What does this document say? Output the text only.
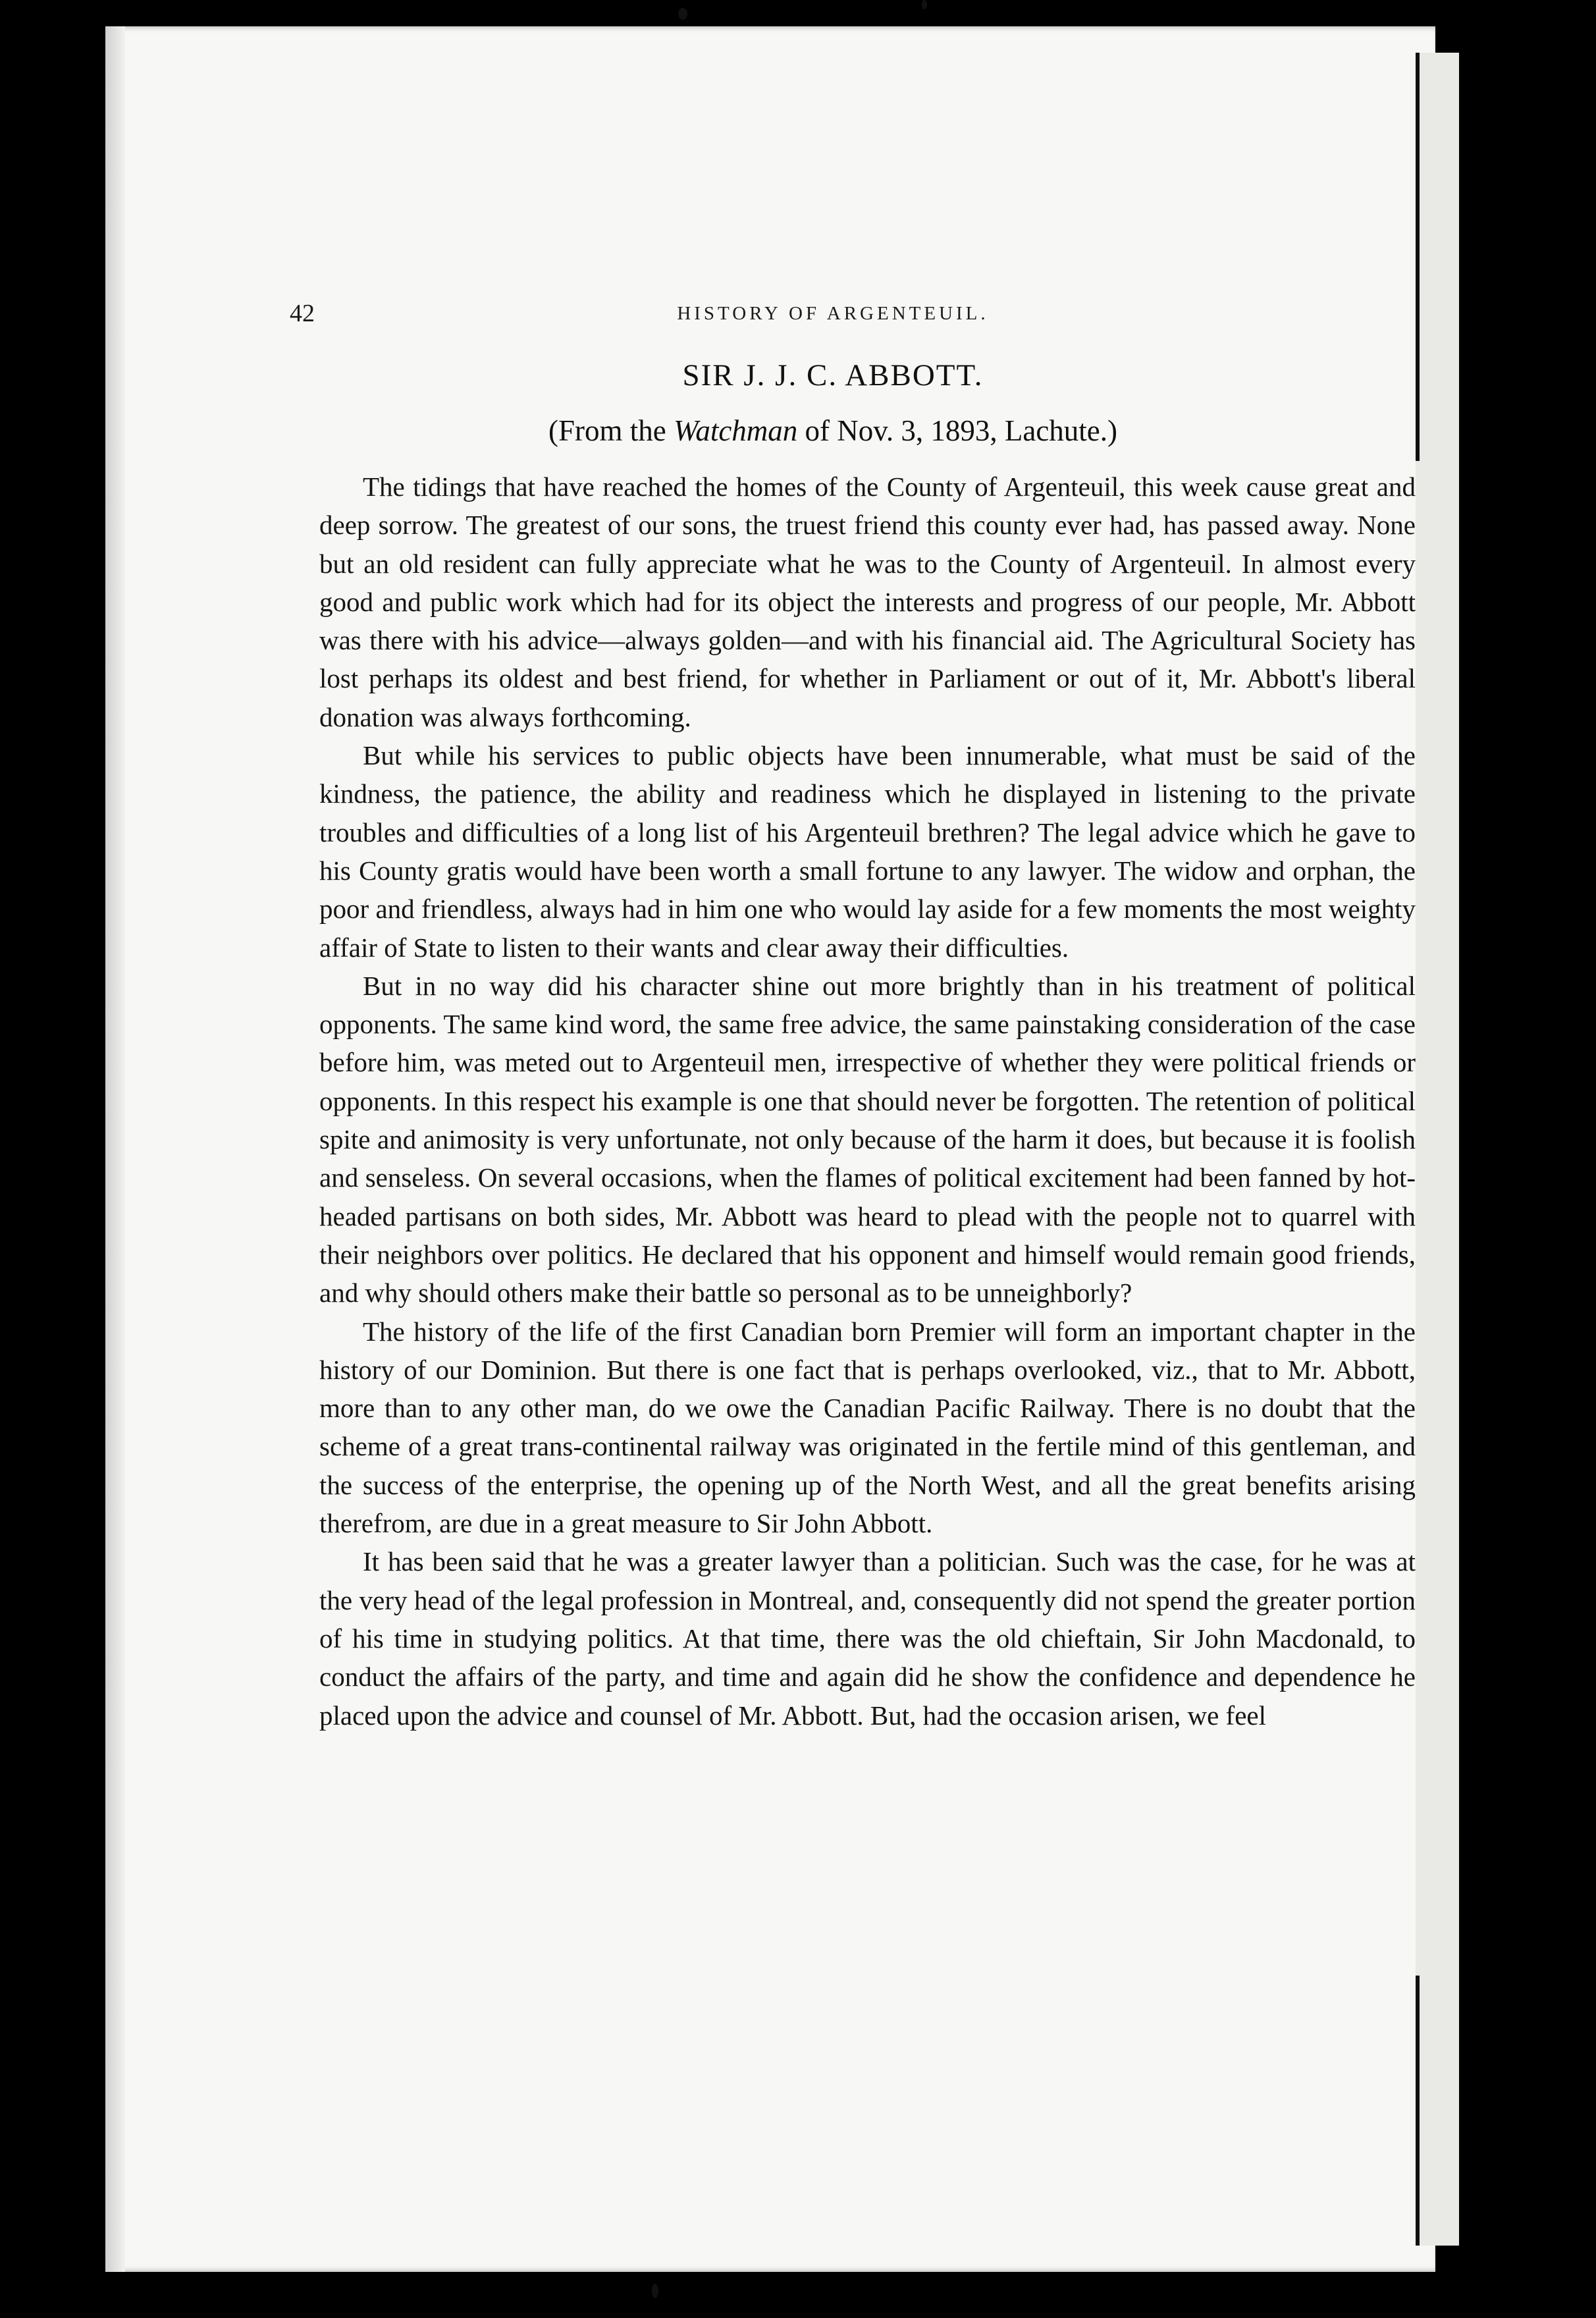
42	HISTORY OF ARGENTEUIL.
SIR J. J. C. ABBOTT.
(From the Watchman of Nov. 3, 1893, Lachute.)

The tidings that have reached the homes of the County of Argenteuil, this week cause great and deep sorrow. The greatest of our sons, the truest friend this county ever had, has passed away. None but an old resident can fully appreciate what he was to the County of Argenteuil. In almost every good and public work which had for its object the interests and progress of our people, Mr. Abbott was there with his advice—always golden—and with his financial aid. The Agricultural Society has lost perhaps its oldest and best friend, for whether in Parliament or out of it, Mr. Abbott's liberal donation was always forthcoming.

But while his services to public objects have been innumerable, what must be said of the kindness, the patience, the ability and readiness which he displayed in listening to the private troubles and difficulties of a long list of his Argenteuil brethren? The legal advice which he gave to his County gratis would have been worth a small fortune to any lawyer. The widow and orphan, the poor and friendless, always had in him one who would lay aside for a few moments the most weighty affair of State to listen to their wants and clear away their difficulties.

But in no way did his character shine out more brightly than in his treatment of political opponents. The same kind word, the same free advice, the same painstaking consideration of the case before him, was meted out to Argenteuil men, irrespective of whether they were political friends or opponents. In this respect his example is one that should never be forgotten. The retention of political spite and animosity is very unfortunate, not only because of the harm it does, but because it is foolish and senseless. On several occasions, when the flames of political excitement had been fanned by hot-headed partisans on both sides, Mr. Abbott was heard to plead with the people not to quarrel with their neighbors over politics. He declared that his opponent and himself would remain good friends, and why should others make their battle so personal as to be unneighborly?

The history of the life of the first Canadian born Premier will form an important chapter in the history of our Dominion. But there is one fact that is perhaps overlooked, viz., that to Mr. Abbott, more than to any other man, do we owe the Canadian Pacific Railway. There is no doubt that the scheme of a great trans-continental railway was originated in the fertile mind of this gentleman, and the success of the enterprise, the opening up of the North West, and all the great benefits arising therefrom, are due in a great measure to Sir John Abbott.

It has been said that he was a greater lawyer than a politician. Such was the case, for he was at the very head of the legal profession in Montreal, and, consequently did not spend the greater portion of his time in studying politics. At that time, there was the old chieftain, Sir John Macdonald, to conduct the affairs of the party, and time and again did he show the confidence and dependence he placed upon the advice and counsel of Mr. Abbott. But, had the occasion arisen, we feel
